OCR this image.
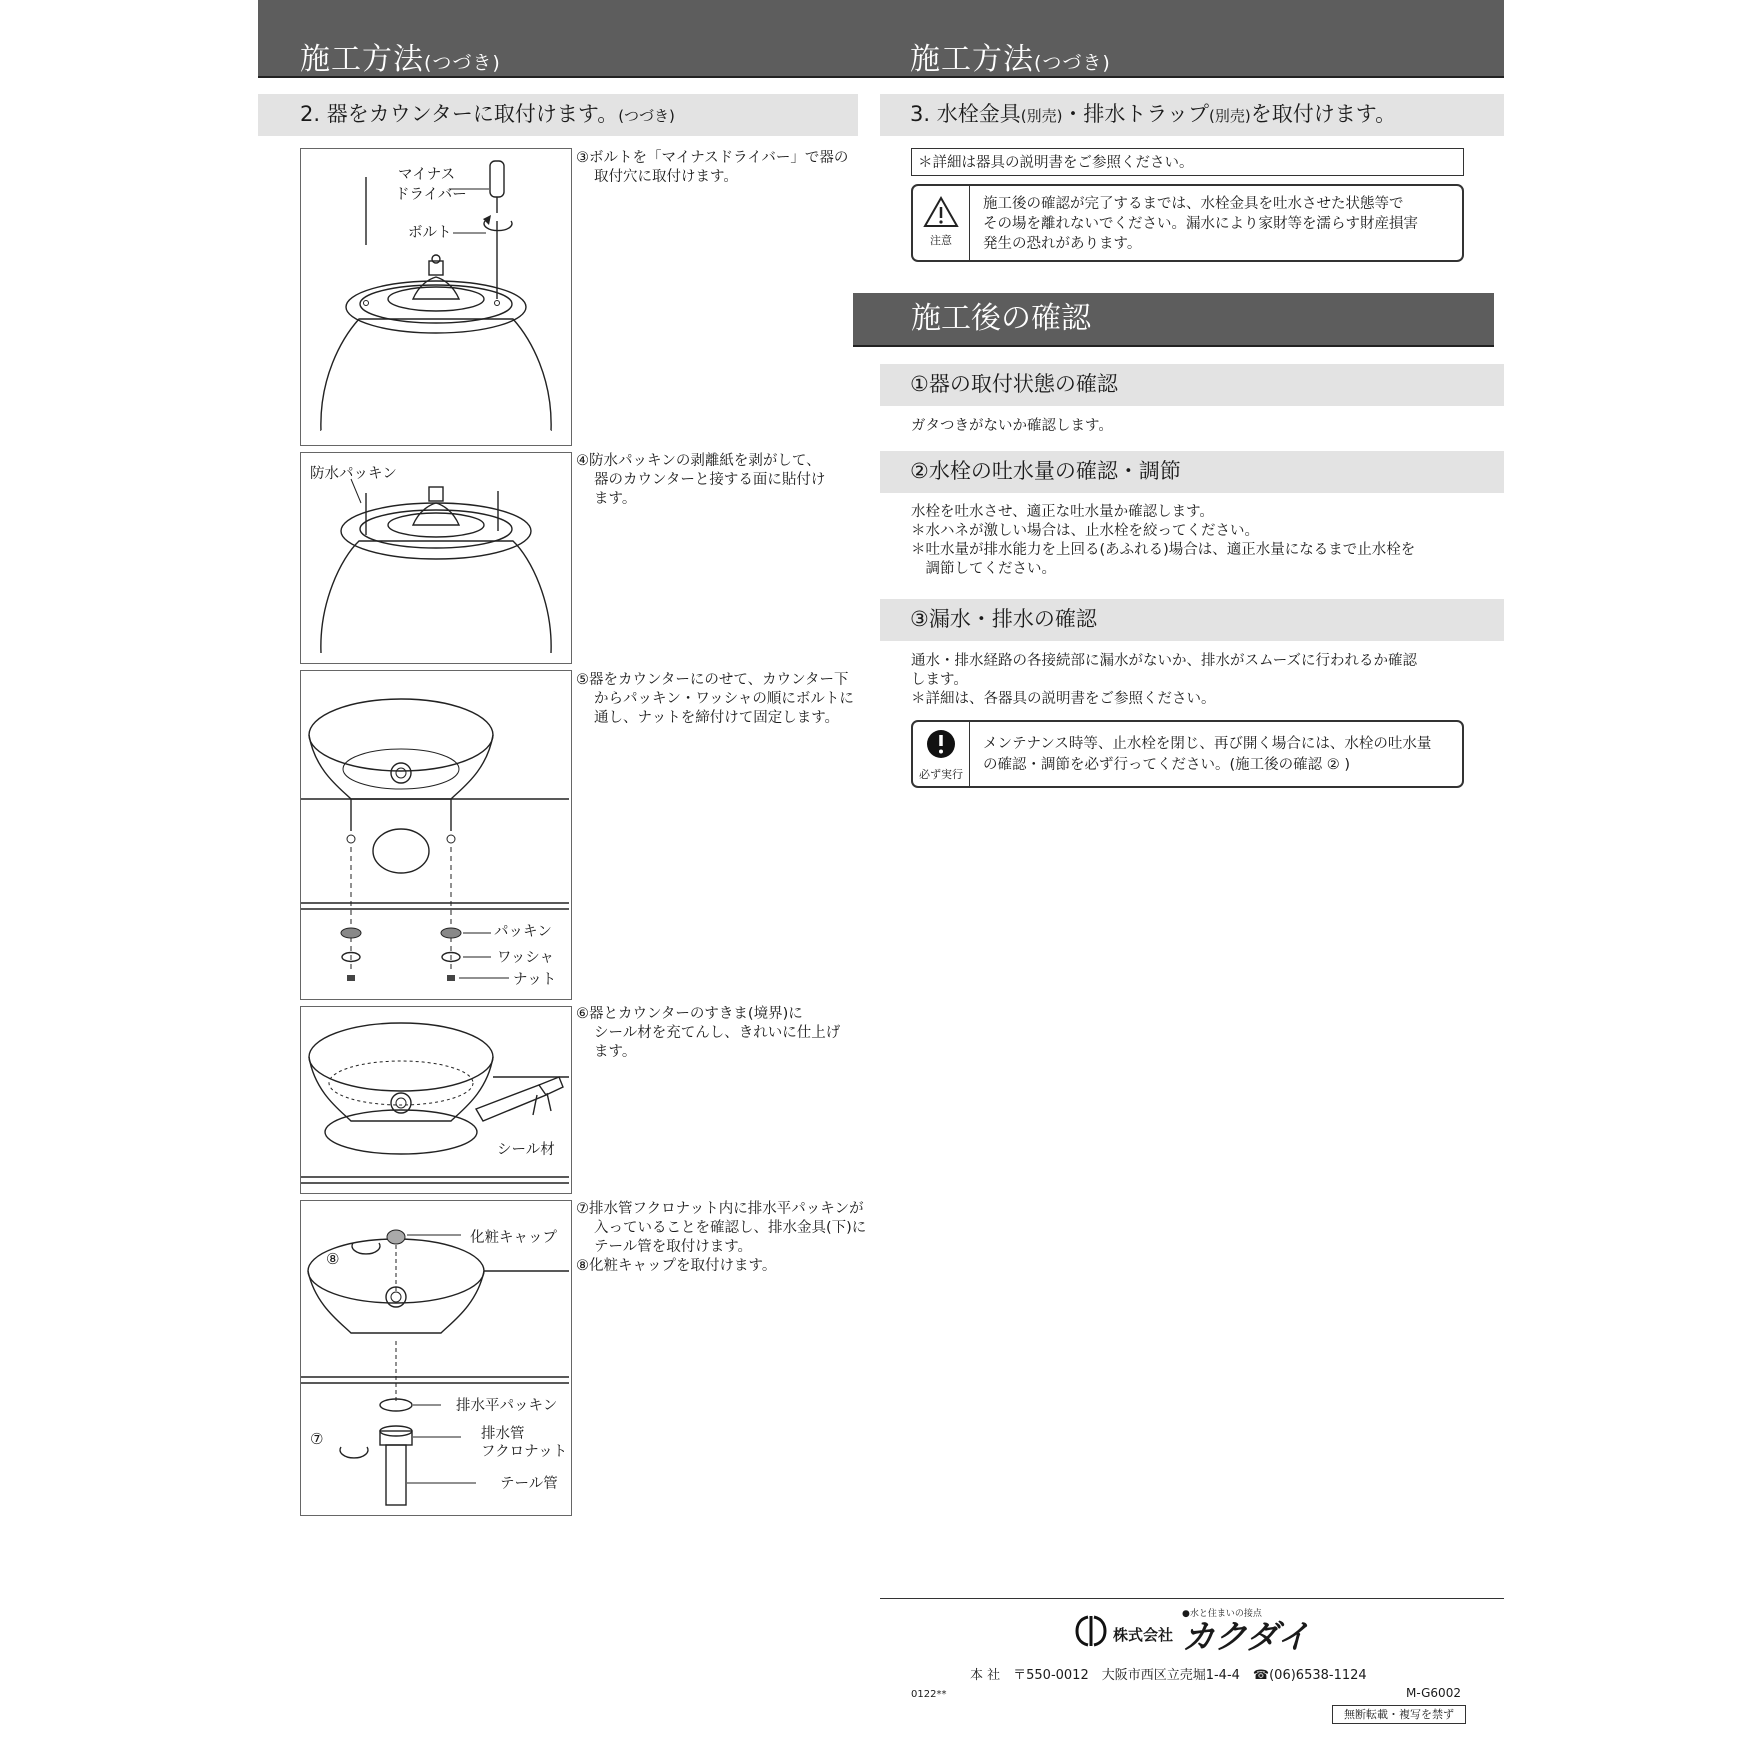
施工方法(つづき)	施工方法(つづき)
2. 器をカウンターに取付けます。(つづき)
マイナス
ドライバー
ボルト
③ボルトを「マイナスドライバー」で器の
取付穴に取付けます。
防水パッキン
④防水パッキンの剥離紙を剥がして、
器のカウンターと接する面に貼付け
ます。
パッキン
ワッシャ
ナット
⑤器をカウンターにのせて、カウンター下
からパッキン・ワッシャの順にボルトに
通し、ナットを締付けて固定します。
シール材
⑥器とカウンターのすきま(境界)に
シール材を充てんし、きれいに仕上げ
ます。
化粧キャップ
⑧
排水平パッキン
排水管
フクロナット
⑦
テール管
⑦排水管フクロナット内に排水平パッキンが
入っていることを確認し、排水金具(下)に
テール管を取付けます。
⑧化粧キャップを取付けます。
3. 水栓金具(別売)・排水トラップ(別売)を取付けます。
＊詳細は器具の説明書をご参照ください。
注意
施工後の確認が完了するまでは、水栓金具を吐水させた状態等で
その場を離れないでください。漏水により家財等を濡らす財産損害
発生の恐れがあります。
施工後の確認
①器の取付状態の確認
ガタつきがないか確認します。
②水栓の吐水量の確認・調節
水栓を吐水させ、適正な吐水量か確認します。
＊水ハネが激しい場合は、止水栓を絞ってください。
＊吐水量が排水能力を上回る(あふれる)場合は、適正水量になるまで止水栓を
　調節してください。
③漏水・排水の確認
通水・排水経路の各接続部に漏水がないか、排水がスムーズに行われるか確認
します。
＊詳細は、各器具の説明書をご参照ください。
必ず実行
メンテナンス時等、止水栓を閉じ、再び開く場合には、水栓の吐水量
の確認・調節を必ず行ってください。(施工後の確認 ② )
●水と住まいの接点
株式会社 カクダイ
本 社　〒550-0012　大阪市西区立売堀1-4-4　☎(06)6538-1124
0122**	M-G6002
無断転載・複写を禁ず
